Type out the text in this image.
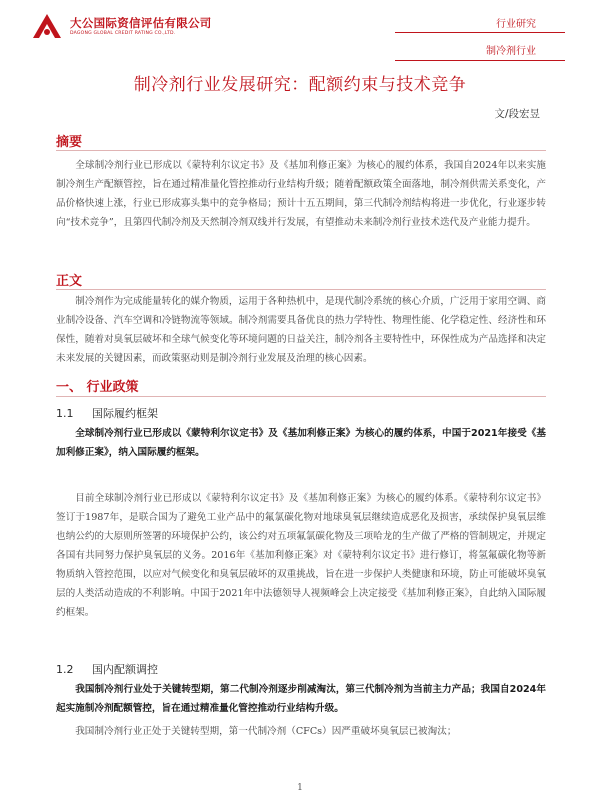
大公国际资信评估有限公司
DAGONG GLOBAL CREDIT RATING CO.,LTD.
行业研究
制冷剂行业
制冷剂行业发展研究：配额约束与技术竞争
文/段宏昱
摘要

全球制冷剂行业已形成以《蒙特利尔议定书》及《基加利修正案》为核心的履约体系，我国自2024年以来实施制冷剂生产配额管控，旨在通过精准量化管控推动行业结构升级；随着配额政策全面落地，制冷剂供需关系变化，产品价格快速上涨，行业已形成寡头集中的竞争格局；预计十五五期间，第三代制冷剂结构将进一步优化，行业逐步转向“技术竞争”，且第四代制冷剂及天然制冷剂双线并行发展，有望推动未来制冷剂行业技术迭代及产业能力提升。

正文

制冷剂作为完成能量转化的媒介物质，运用于各种热机中，是现代制冷系统的核心介质，广泛用于家用空调、商业制冷设备、汽车空调和冷链物流等领域。制冷剂需要具备优良的热力学特性、物理性能、化学稳定性、经济性和环保性，随着对臭氧层破坏和全球气候变化等环境问题的日益关注，制冷剂各主要特性中，环保性成为产品选择和决定未来发展的关键因素，而政策驱动则是制冷剂行业发展及治理的核心因素。

一、 行业政策
1.1 国际履约框架

全球制冷剂行业已形成以《蒙特利尔议定书》及《基加利修正案》为核心的履约体系，中国于2021年接受《基加利修正案》，纳入国际履约框架。

目前全球制冷剂行业已形成以《蒙特利尔议定书》及《基加利修正案》为核心的履约体系。《蒙特利尔议定书》签订于1987年，是联合国为了避免工业产品中的氟氯碳化物对地球臭氧层继续造成恶化及损害，承续保护臭氧层维也纳公约的大原则所签署的环境保护公约，该公约对五项氟氯碳化物及三项哈龙的生产做了严格的管制规定，并规定各国有共同努力保护臭氧层的义务。2016年《基加利修正案》对《蒙特利尔议定书》进行修订，将氢氟碳化物等新物质纳入管控范围，以应对气候变化和臭氧层破坏的双重挑战，旨在进一步保护人类健康和环境，防止可能破坏臭氧层的人类活动造成的不利影响。中国于2021年中法德领导人视频峰会上决定接受《基加利修正案》，自此纳入国际履约框架。

1.2 国内配额调控

我国制冷剂行业处于关键转型期，第二代制冷剂逐步削减淘汰，第三代制冷剂为当前主力产品；我国自2024年起实施制冷剂配额管控，旨在通过精准量化管控推动行业结构升级。

我国制冷剂行业正处于关键转型期，第一代制冷剂（CFCs）因严重破坏臭氧层已被淘汰；

1
